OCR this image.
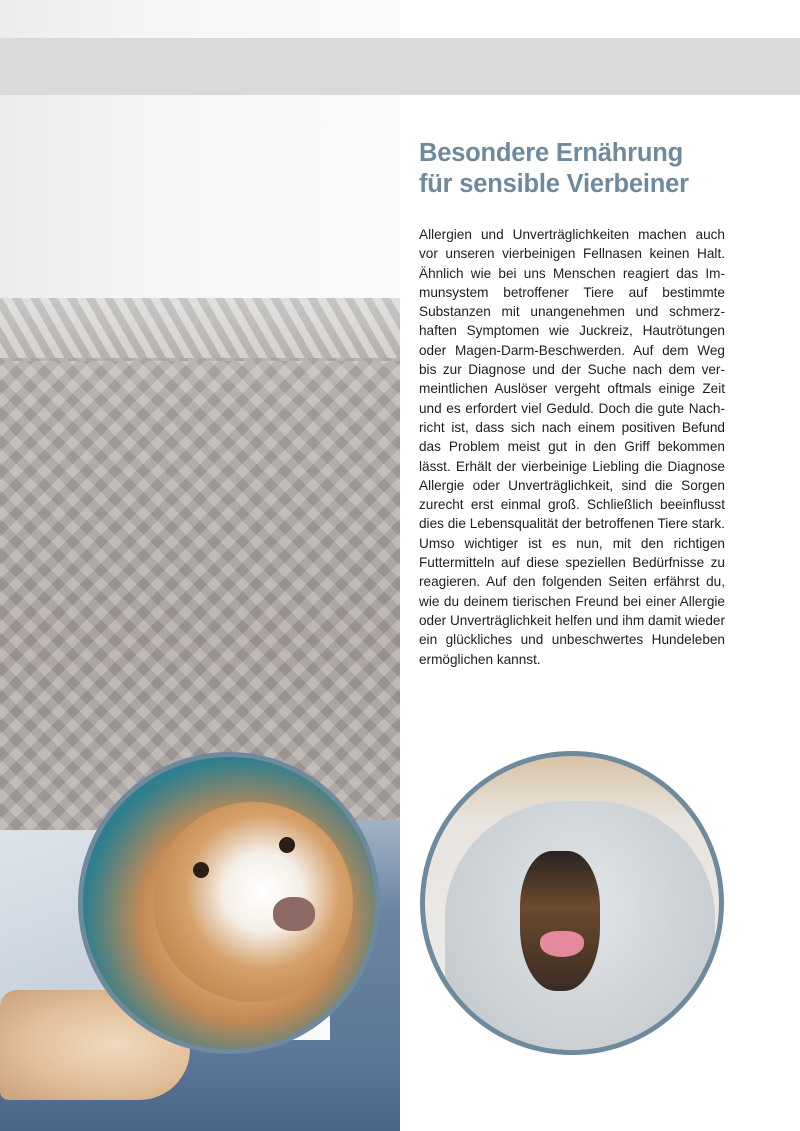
Besondere Ernährung
für sensible Vierbeiner

Allergien und Unverträglichkeiten machen auch vor unseren vierbeinigen Fellnasen keinen Halt. Ähnlich wie bei uns Menschen reagiert das Immunsystem betroffener Tiere auf bestimmte Substanzen mit unangenehmen und schmerzhaften Symptomen wie Juckreiz, Hautrötungen oder Magen-Darm-Beschwerden. Auf dem Weg bis zur Diagnose und der Suche nach dem vermeintlichen Auslöser vergeht oftmals einige Zeit und es erfordert viel Geduld. Doch die gute Nachricht ist, dass sich nach einem positiven Befund das Problem meist gut in den Griff bekommen lässt. Erhält der vierbeinige Liebling die Diagnose Allergie oder Unverträglichkeit, sind die Sorgen zurecht erst einmal groß. Schließlich beeinflusst dies die Lebensqualität der betroffenen Tiere stark. Umso wichtiger ist es nun, mit den richtigen Futtermitteln auf diese speziellen Bedürfnisse zu reagieren. Auf den folgenden Seiten erfährst du, wie du deinem tierischen Freund bei einer Allergie oder Unverträglichkeit helfen und ihm damit wieder ein glückliches und unbeschwertes Hundeleben ermöglichen kannst.
